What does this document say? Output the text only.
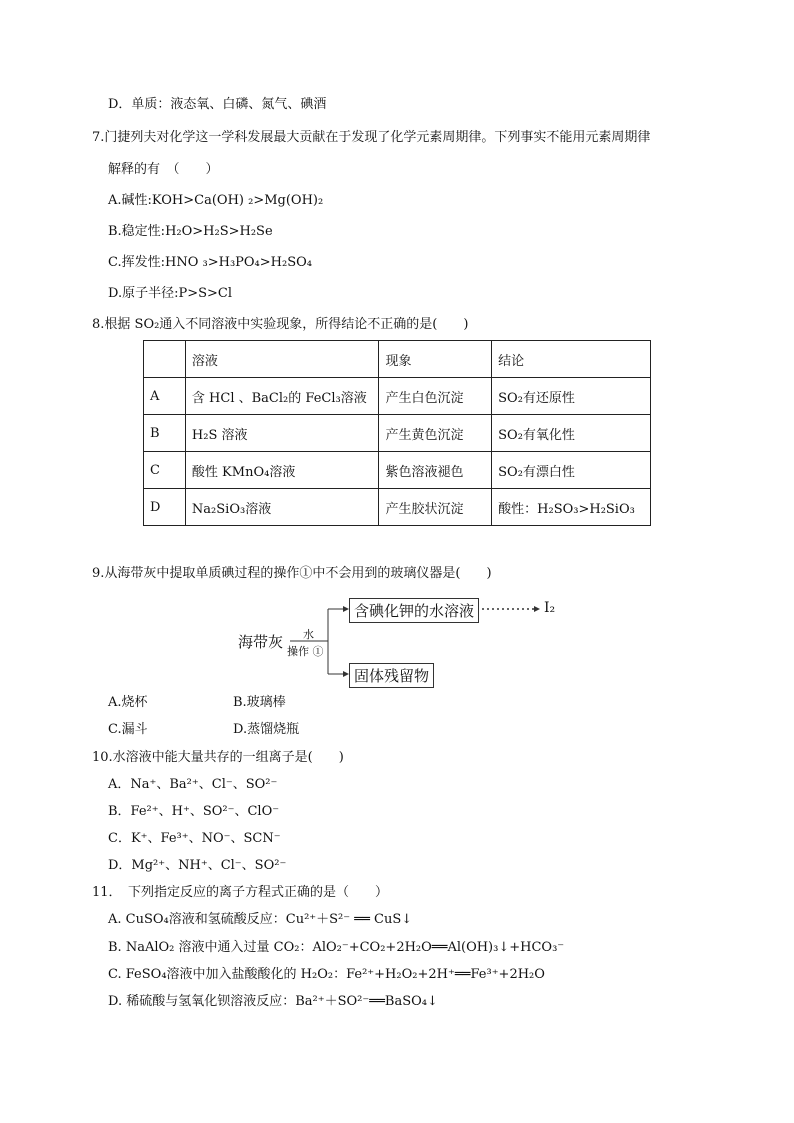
D．单质：液态氧、白磷、氮气、碘酒
7.门捷列夫对化学这一学科发展最大贡献在于发现了化学元素周期律。下列事实不能用元素周期律
解释的有　（　　）
A.碱性:KOH>Ca(OH) ₂>Mg(OH)₂
B.稳定性:H₂O>H₂S>H₂Se
C.挥发性:HNO ₃>H₃PO₄>H₂SO₄
D.原子半径:P>S>Cl
8.根据 SO₂通入不同溶液中实验现象，所得结论不正确的是(　　)
	溶液	现象	结论
A	含 HCl 、BaCl₂的 FeCl₃溶液	产生白色沉淀	SO₂有还原性
B	H₂S 溶液	产生黄色沉淀	SO₂有氧化性
C	酸性 KMnO₄溶液	紫色溶液褪色	SO₂有漂白性
D	Na₂SiO₃溶液	产生胶状沉淀	酸性：H₂SO₃>H₂SiO₃
9.从海带灰中提取单质碘过程的操作①中不会用到的玻璃仪器是(　　)
海带灰 水
操作 ①
含碘化钾的水溶液	I₂
固体残留物
A.烧杯	B.玻璃棒
C.漏斗	D.蒸馏烧瓶
10.水溶液中能大量共存的一组离子是(　　)
A．Na⁺、Ba²⁺、Cl⁻、SO²⁻
B．Fe²⁺、H⁺、SO²⁻、ClO⁻
C．K⁺、Fe³⁺、NO⁻、SCN⁻
D．Mg²⁺、NH⁺、Cl⁻、SO²⁻
11．　下列指定反应的离子方程式正确的是（　　）
A. CuSO₄溶液和氢硫酸反应：Cu²⁺＋S²⁻ ══ CuS↓
B. NaAlO₂ 溶液中通入过量 CO₂：AlO₂⁻+CO₂+2H₂O══Al(OH)₃↓+HCO₃⁻
C. FeSO₄溶液中加入盐酸酸化的 H₂O₂：Fe²⁺+H₂O₂+2H⁺══Fe³⁺+2H₂O
D. 稀硫酸与氢氧化钡溶液反应：Ba²⁺＋SO²⁻══BaSO₄↓
